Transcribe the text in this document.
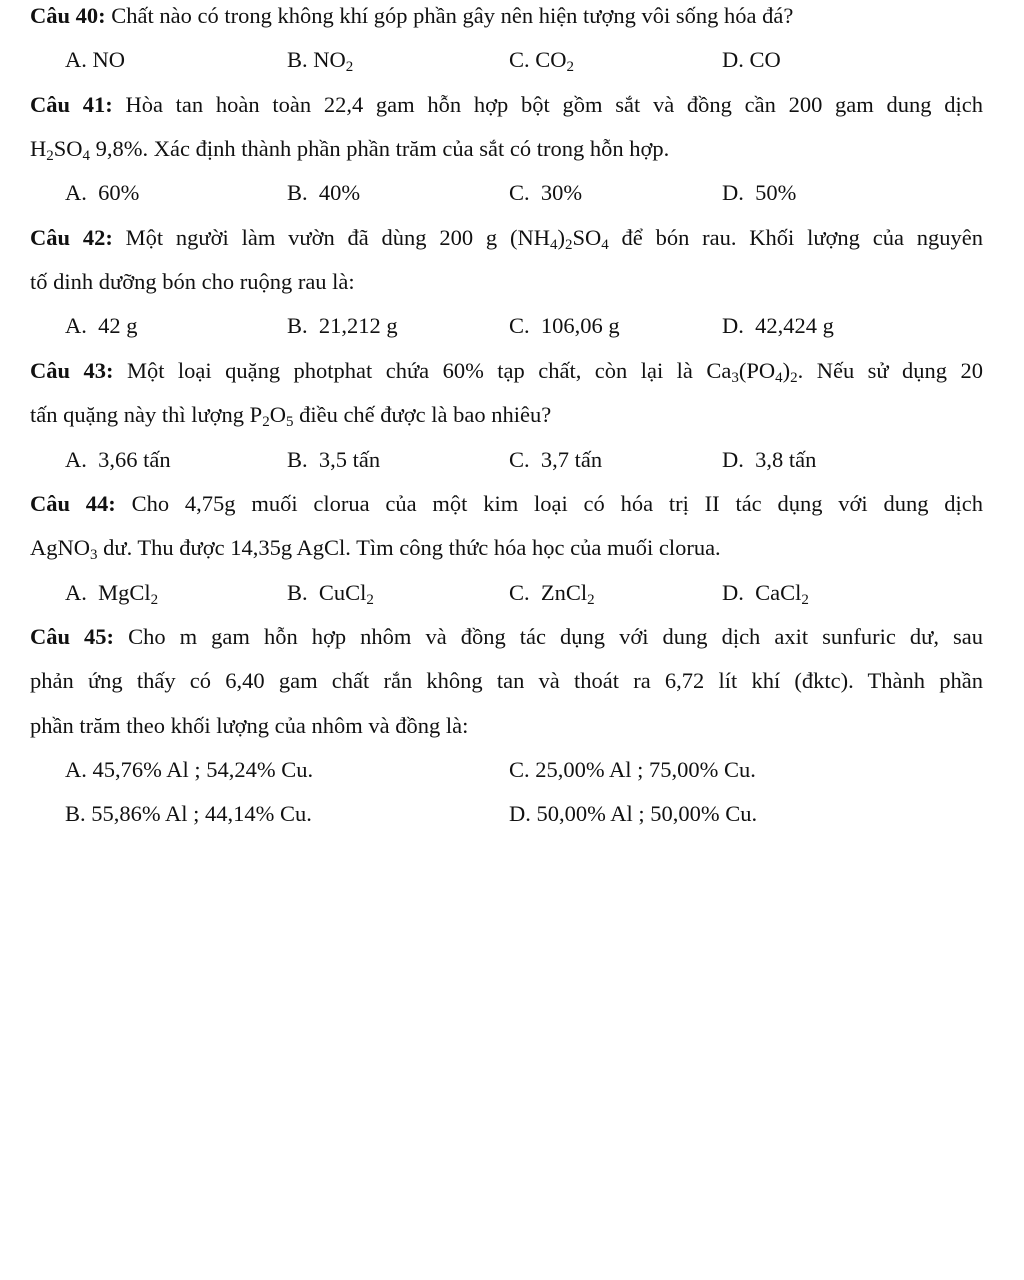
Câu 40: Chất nào có trong không khí góp phần gây nên hiện tượng vôi sống hóa đá?
A. NO	B. $NO_2$	C. $CO_2$	D. CO
Câu 41: Hòa tan hoàn toàn 22,4 gam hỗn hợp bột gồm sắt và đồng cần 200 gam dung dịch
$H_2SO_4$ 9,8%. Xác định thành phần phần trăm của sắt có trong hỗn hợp.
A. 60%	B. 40%	C. 30%	D. 50%
Câu 42: Một người làm vườn đã dùng 200 g $(NH_4)_2SO_4$ để bón rau. Khối lượng của nguyên
tố dinh dưỡng bón cho ruộng rau là:
A. 42 g	B. 21,212 g	C. 106,06 g	D. 42,424 g
Câu 43: Một loại quặng photphat chứa 60% tạp chất, còn lại là $Ca_3(PO_4)_2$. Nếu sử dụng 20
tấn quặng này thì lượng $P_2O_5$ điều chế được là bao nhiêu?
A. 3,66 tấn	B. 3,5 tấn	C. 3,7 tấn	D. 3,8 tấn
Câu 44: Cho 4,75g muối clorua của một kim loại có hóa trị II tác dụng với dung dịch
AgNO$_3$ dư. Thu được 14,35g AgCl. Tìm công thức hóa học của muối clorua.
A. MgCl$_2$	B. CuCl$_2$	C. ZnCl$_2$	D. CaCl$_2$
Câu 45: Cho m gam hỗn hợp nhôm và đồng tác dụng với dung dịch axit sunfuric dư, sau
phản ứng thấy có 6,40 gam chất rắn không tan và thoát ra 6,72 lít khí (đktc). Thành phần
phần trăm theo khối lượng của nhôm và đồng là:
A. 45,76% Al ; 54,24% Cu.	C. 25,00% Al ; 75,00% Cu.
B. 55,86% Al ; 44,14% Cu.	D. 50,00% Al ; 50,00% Cu.
